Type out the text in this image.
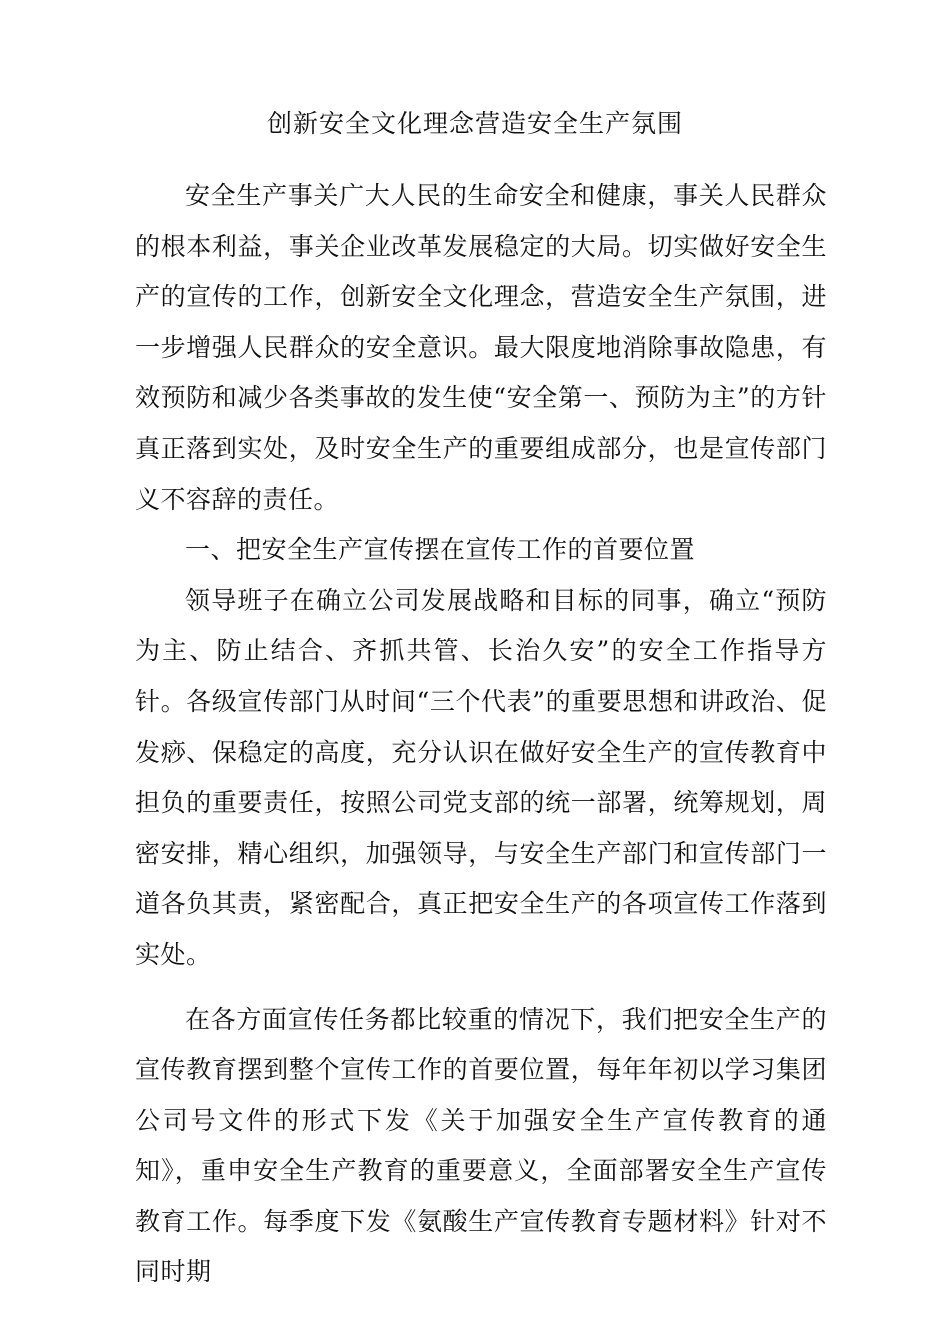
创新安全文化理念营造安全生产氛围

安全生产事关广大人民的生命安全和健康，事关人民群众的根本利益，事关企业改革发展稳定的大局。切实做好安全生产的宣传的工作，创新安全文化理念，营造安全生产氛围，进一步增强人民群众的安全意识。最大限度地消除事故隐患，有效预防和减少各类事故的发生使“安全第一、预防为主”的方针真正落到实处，及时安全生产的重要组成部分，也是宣传部门义不容辞的责任。

一、把安全生产宣传摆在宣传工作的首要位置

领导班子在确立公司发展战略和目标的同事，确立“预防为主、防止结合、齐抓共管、长治久安”的安全工作指导方针。各级宣传部门从时间“三个代表”的重要思想和讲政治、促发痧、保稳定的高度，充分认识在做好安全生产的宣传教育中担负的重要责任，按照公司党支部的统一部署，统筹规划，周密安排，精心组织，加强领导，与安全生产部门和宣传部门一道各负其责，紧密配合，真正把安全生产的各项宣传工作落到实处。

在各方面宣传任务都比较重的情况下，我们把安全生产的宣传教育摆到整个宣传工作的首要位置，每年年初以学习集团公司号文件的形式下发《关于加强安全生产宣传教育的通知》，重申安全生产教育的重要意义，全面部署安全生产宣传教育工作。每季度下发《氨酸生产宣传教育专题材料》针对不同时期
